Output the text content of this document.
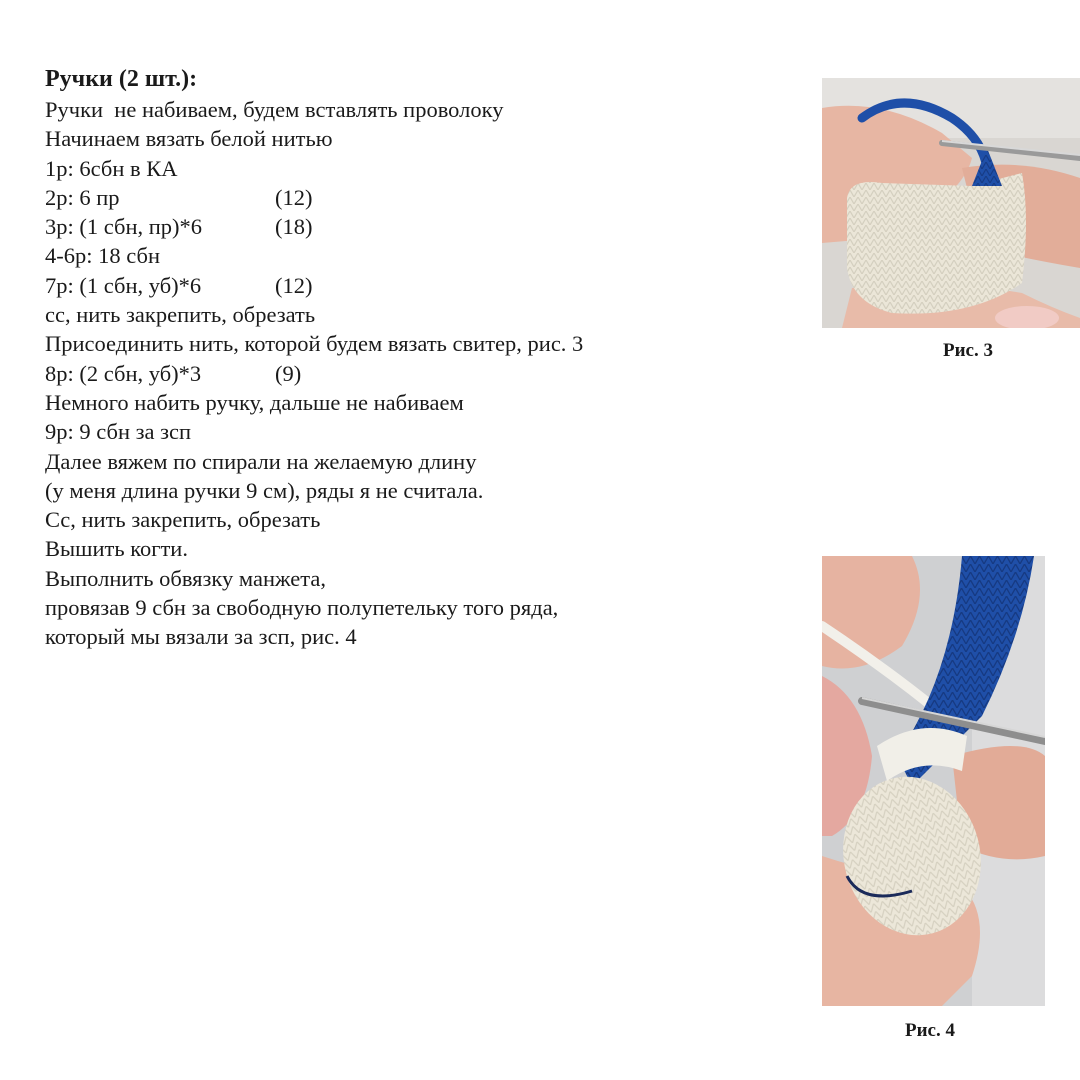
Ручки (2 шт.):
Ручки  не набиваем, будем вставлять проволоку
Начинаем вязать белой нитью
1р: 6сбн в КА
2р: 6 пр	(12)
3р: (1 сбн, пр)*6	(18)
4-6р: 18 сбн
7р: (1 сбн, уб)*6	(12)
сс, нить закрепить, обрезать
Присоединить нить, которой будем вязать свитер, рис. 3
8р: (2 сбн, уб)*3	(9)
Немного набить ручку, дальше не набиваем
9р: 9 сбн за зсп
Далее вяжем по спирали на желаемую длину
(у меня длина ручки 9 см), ряды я не считала.
Сс, нить закрепить, обрезать
Вышить когти.
Выполнить обвязку манжета,
провязав 9 сбн за свободную полупетельку того ряда,
который мы вязали за зсп, рис. 4
Рис. 3
Рис. 4
